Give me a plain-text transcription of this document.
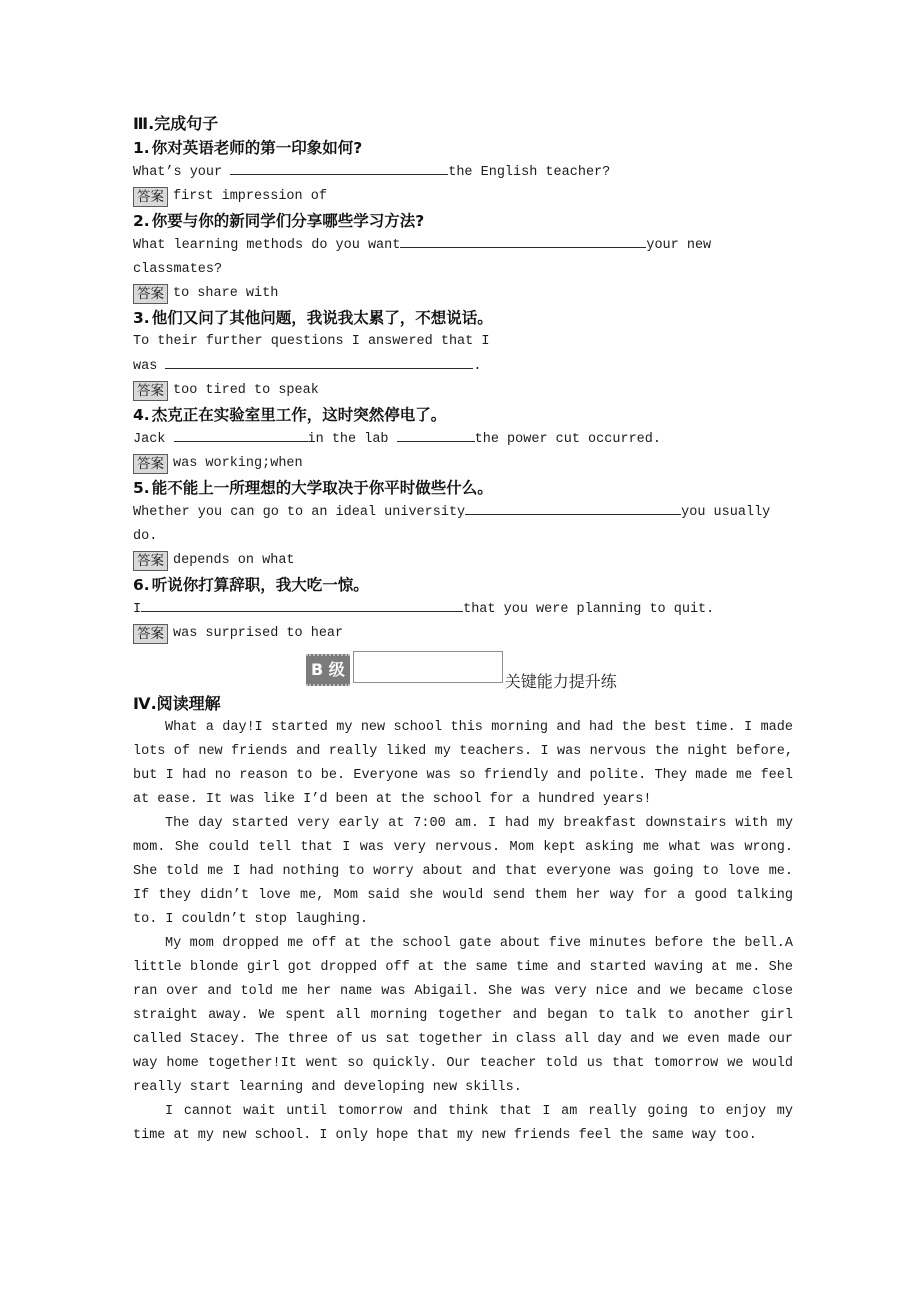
Ⅲ.完成句子
1. 你对英语老师的第一印象如何?
What’s your	the English teacher?
答案 first impression of
2. 你要与你的新同学们分享哪些学习方法?
What learning methods do you want	your new
classmates?
答案 to share with
3. 他们又问了其他问题，我说我太累了，不想说话。
To their further questions I answered that I
was	.
答案 too tired to speak
4. 杰克正在实验室里工作，这时突然停电了。
Jack	in the lab	the power cut occurred.
答案 was working;when
5. 能不能上一所理想的大学取决于你平时做些什么。
Whether you can go to an ideal university	you usually
do.
答案 depends on what
6. 听说你打算辞职，我大吃一惊。
I	that you were planning to quit.
答案 was surprised to hear
B 级
关键能力提升练
Ⅳ.阅读理解

What a day!I started my new school this morning and had the best time. I made lots of new friends and really liked my teachers. I was nervous the night before, but I had no reason to be. Everyone was so friendly and polite. They made me feel at ease. It was like I’d been at the school for a hundred years!

The day started very early at 7:00 am. I had my breakfast downstairs with my mom. She could tell that I was very nervous. Mom kept asking me what was wrong. She told me I had nothing to worry about and that everyone was going to love me. If they didn’t love me, Mom said she would send them her way for a good talking to. I couldn’t stop laughing.

My mom dropped me off at the school gate about five minutes before the bell.A little blonde girl got dropped off at the same time and started waving at me. She ran over and told me her name was Abigail. She was very nice and we became close straight away. We spent all morning together and began to talk to another girl called Stacey. The three of us sat together in class all day and we even made our way home together!It went so quickly. Our teacher told us that tomorrow we would really start learning and developing new skills.

I cannot wait until tomorrow and think that I am really going to enjoy my time at my new school. I only hope that my new friends feel the same way too.
